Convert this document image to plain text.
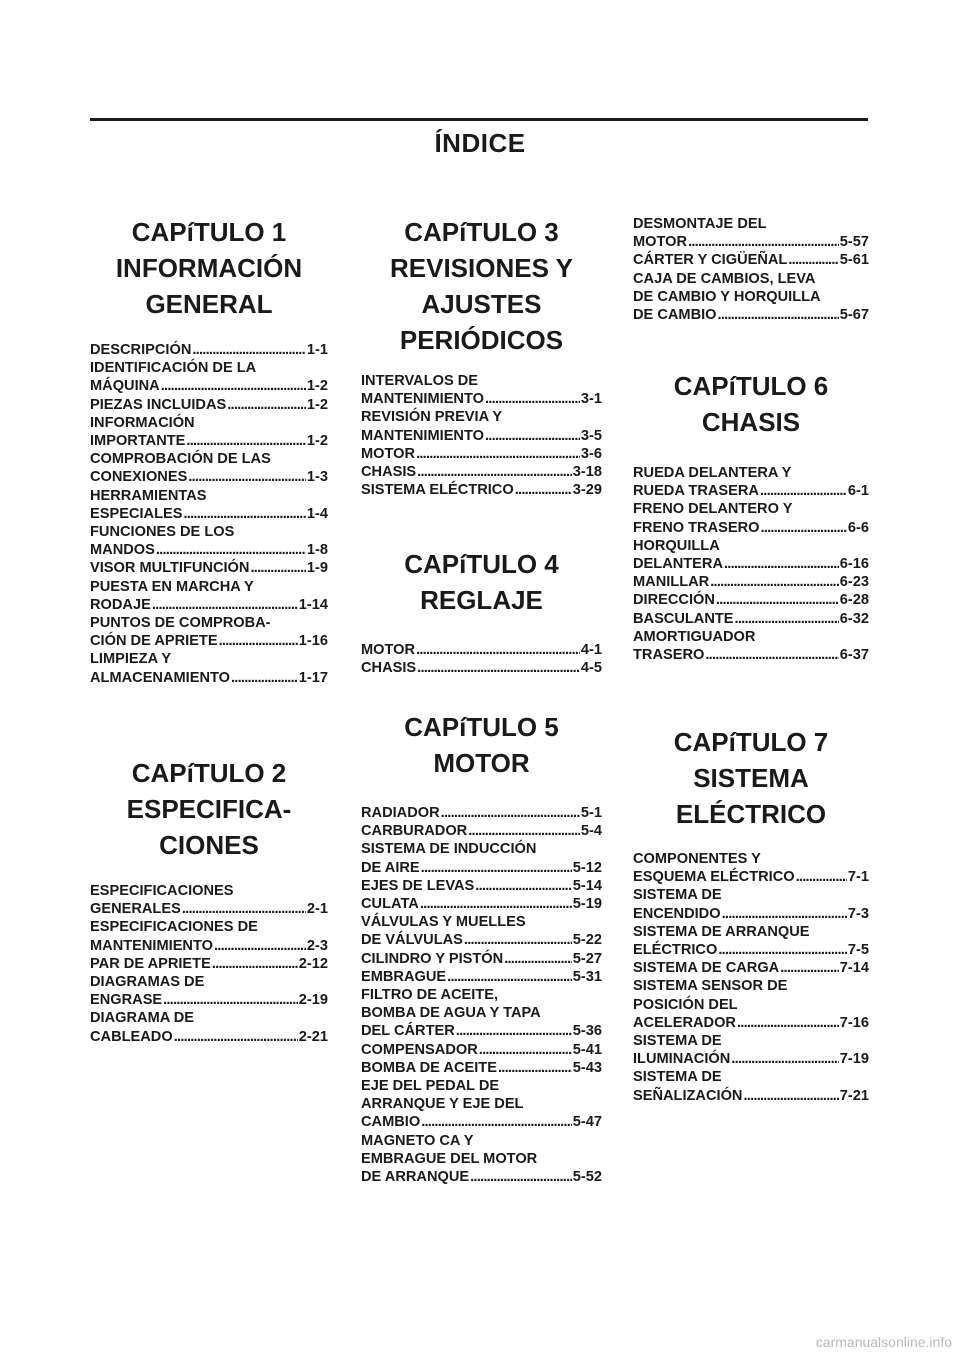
ÍNDICE
CAPíTULO 1
INFORMACIÓN
GENERAL
DESCRIPCIÓN . . .	1-1
IDENTIFICACIÓN DE LA
MÁQUINA . . .	1-2
PIEZAS INCLUIDAS . . .	1-2
INFORMACIÓN
IMPORTANTE . . .	1-2
COMPROBACIÓN DE LAS
CONEXIONES . . .	1-3
HERRAMIENTAS
ESPECIALES . . .	1-4
FUNCIONES DE LOS
MANDOS . . .	1-8
VISOR MULTIFUNCIÓN . . .	1-9
PUESTA EN MARCHA Y
RODAJE . . .	1-14
PUNTOS DE COMPROBA-
CIÓN DE APRIETE . . .	1-16
LIMPIEZA Y
ALMACENAMIENTO . . .	1-17
CAPíTULO 2
ESPECIFICA-
CIONES
ESPECIFICACIONES
GENERALES . . .	2-1
ESPECIFICACIONES DE
MANTENIMIENTO . . .	2-3
PAR DE APRIETE . . .	2-12
DIAGRAMAS DE
ENGRASE . . .	2-19
DIAGRAMA DE
CABLEADO . . .	2-21
CAPíTULO 3
REVISIONES Y
AJUSTES
PERIÓDICOS
INTERVALOS DE
MANTENIMIENTO . . .	3-1
REVISIÓN PREVIA Y
MANTENIMIENTO . . .	3-5
MOTOR . . .	3-6
CHASIS . . .	3-18
SISTEMA ELÉCTRICO . . .	3-29
CAPíTULO 4
REGLAJE
MOTOR . . .	4-1
CHASIS . . .	4-5
CAPíTULO 5
MOTOR
RADIADOR . . .	5-1
CARBURADOR . . .	5-4
SISTEMA DE INDUCCIÓN
DE AIRE . . .	5-12
EJES DE LEVAS . . .	5-14
CULATA . . .	5-19
VÁLVULAS Y MUELLES
DE VÁLVULAS . . .	5-22
CILINDRO Y PISTÓN . . .	5-27
EMBRAGUE . . .	5-31
FILTRO DE ACEITE,
BOMBA DE AGUA Y TAPA
DEL CÁRTER . . .	5-36
COMPENSADOR . . .	5-41
BOMBA DE ACEITE . . .	5-43
EJE DEL PEDAL DE
ARRANQUE Y EJE DEL
CAMBIO . . .	5-47
MAGNETO CA Y
EMBRAGUE DEL MOTOR
DE ARRANQUE . . .	5-52
DESMONTAJE DEL
MOTOR . . .	5-57
CÁRTER Y CIGÜEÑAL . . .	5-61
CAJA DE CAMBIOS, LEVA
DE CAMBIO Y HORQUILLA
DE CAMBIO . . .	5-67
CAPíTULO 6
CHASIS
RUEDA DELANTERA Y
RUEDA TRASERA . . .	6-1
FRENO DELANTERO Y
FRENO TRASERO . . .	6-6
HORQUILLA
DELANTERA . . .	6-16
MANILLAR . . .	6-23
DIRECCIÓN . . .	6-28
BASCULANTE . . .	6-32
AMORTIGUADOR
TRASERO . . .	6-37
CAPíTULO 7
SISTEMA
ELÉCTRICO
COMPONENTES Y
ESQUEMA ELÉCTRICO . . .	7-1
SISTEMA DE
ENCENDIDO . . .	7-3
SISTEMA DE ARRANQUE
ELÉCTRICO . . .	7-5
SISTEMA DE CARGA . . .	7-14
SISTEMA SENSOR DE
POSICIÓN DEL
ACELERADOR . . .	7-16
SISTEMA DE
ILUMINACIÓN . . .	7-19
SISTEMA DE
SEÑALIZACIÓN . . .	7-21
carmanualsonline.info
